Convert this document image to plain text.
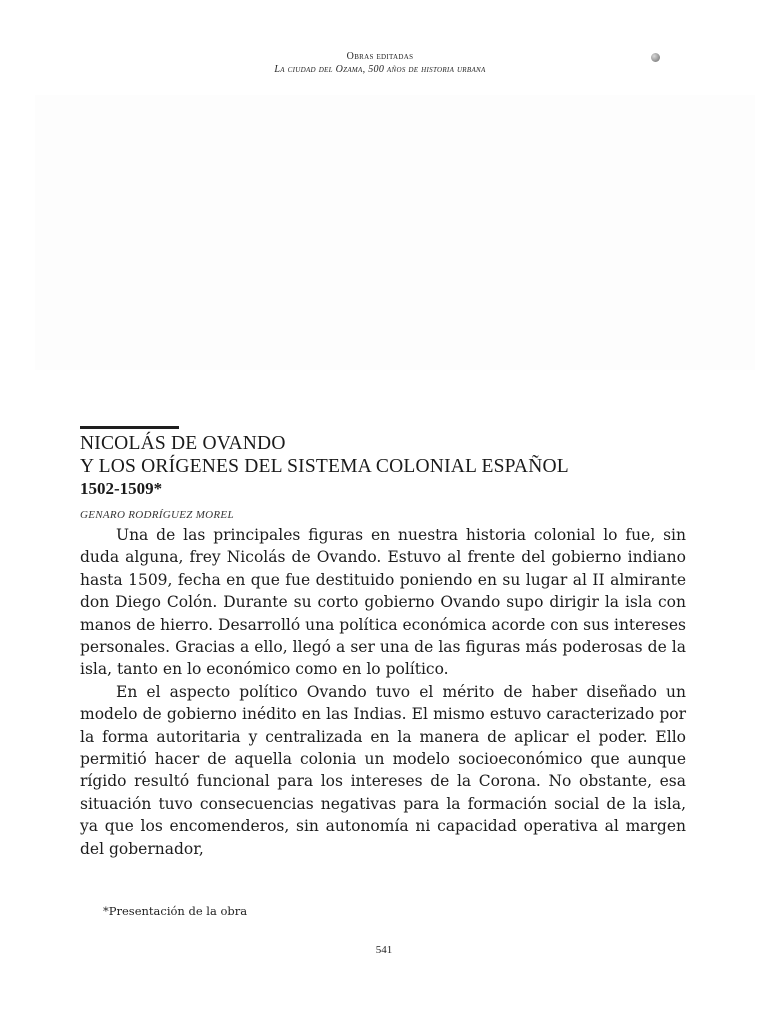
Obras editadas
La ciudad del Ozama, 500 años de historia urbana
NICOLÁS DE OVANDO
Y LOS ORÍGENES DEL SISTEMA COLONIAL ESPAÑOL
1502-1509*
GENARO RODRÍGUEZ MOREL

Una de las principales figuras en nuestra historia colonial lo fue, sin duda alguna, frey Nicolás de Ovando. Estuvo al frente del gobierno indiano hasta 1509, fecha en que fue destituido poniendo en su lugar al II almirante don Diego Colón. Durante su corto gobierno Ovando supo dirigir la isla con manos de hierro. Desarrolló una política económica acorde con sus intereses personales. Gracias a ello, llegó a ser una de las figuras más poderosas de la isla, tanto en lo económico como en lo político.

En el aspecto político Ovando tuvo el mérito de haber diseñado un modelo de gobierno inédito en las Indias. El mismo estuvo caracterizado por la forma autoritaria y centralizada en la manera de aplicar el poder. Ello permitió hacer de aquella colonia un modelo socioeconómico que aunque rígido resultó funcional para los intereses de la Corona. No obstante, esa situación tuvo consecuencias negativas para la formación social de la isla, ya que los encomenderos, sin autonomía ni capacidad operativa al margen del gobernador,

*Presentación de la obra
541
